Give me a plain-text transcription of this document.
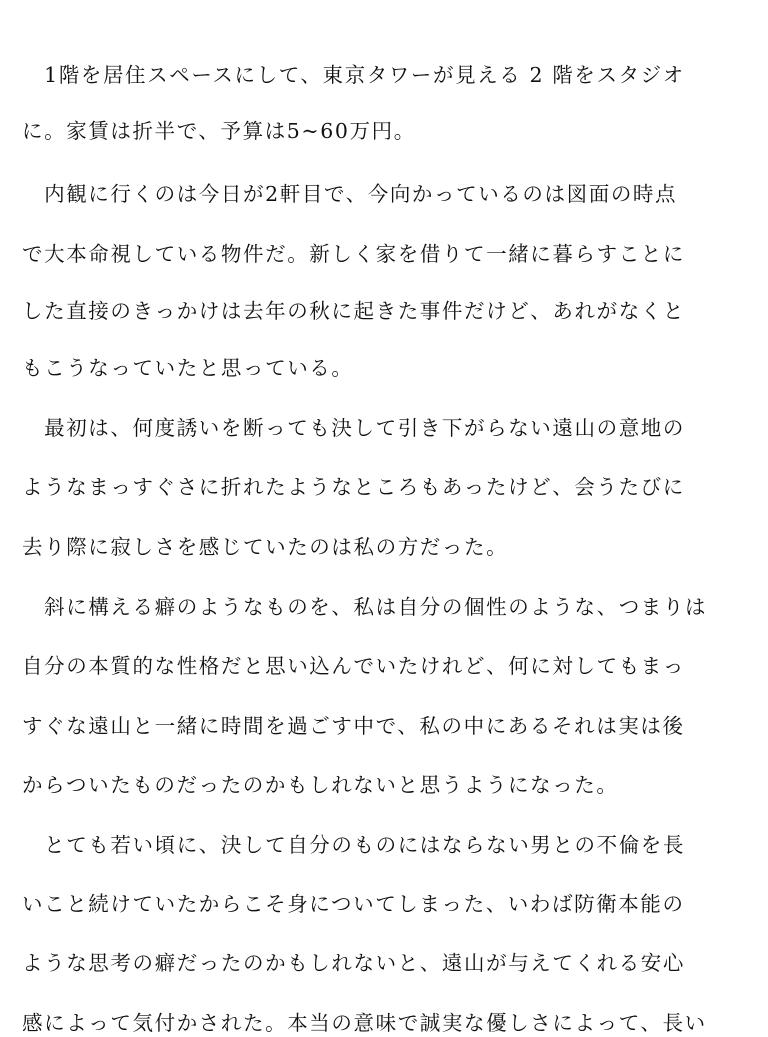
　1階を居住スペースにして、東京タワーが見える 2 階をスタジオ
に。家賃は折半で、予算は5~60万円。
　内観に行くのは今日が2軒目で、今向かっているのは図面の時点
で大本命視している物件だ。新しく家を借りて一緒に暮らすことに
した直接のきっかけは去年の秋に起きた事件だけど、あれがなくと
もこうなっていたと思っている。
　最初は、何度誘いを断っても決して引き下がらない遠山の意地の
ようなまっすぐさに折れたようなところもあったけど、会うたびに
去り際に寂しさを感じていたのは私の方だった。
　斜に構える癖のようなものを、私は自分の個性のような、つまりは
自分の本質的な性格だと思い込んでいたけれど、何に対してもまっ
すぐな遠山と一緒に時間を過ごす中で、私の中にあるそれは実は後
からついたものだったのかもしれないと思うようになった。
　とても若い頃に、決して自分のものにはならない男との不倫を長
いこと続けていたからこそ身についてしまった、いわば防衛本能の
ような思考の癖だったのかもしれないと、遠山が与えてくれる安心
感によって気付かされた。本当の意味で誠実な優しさによって、長い
